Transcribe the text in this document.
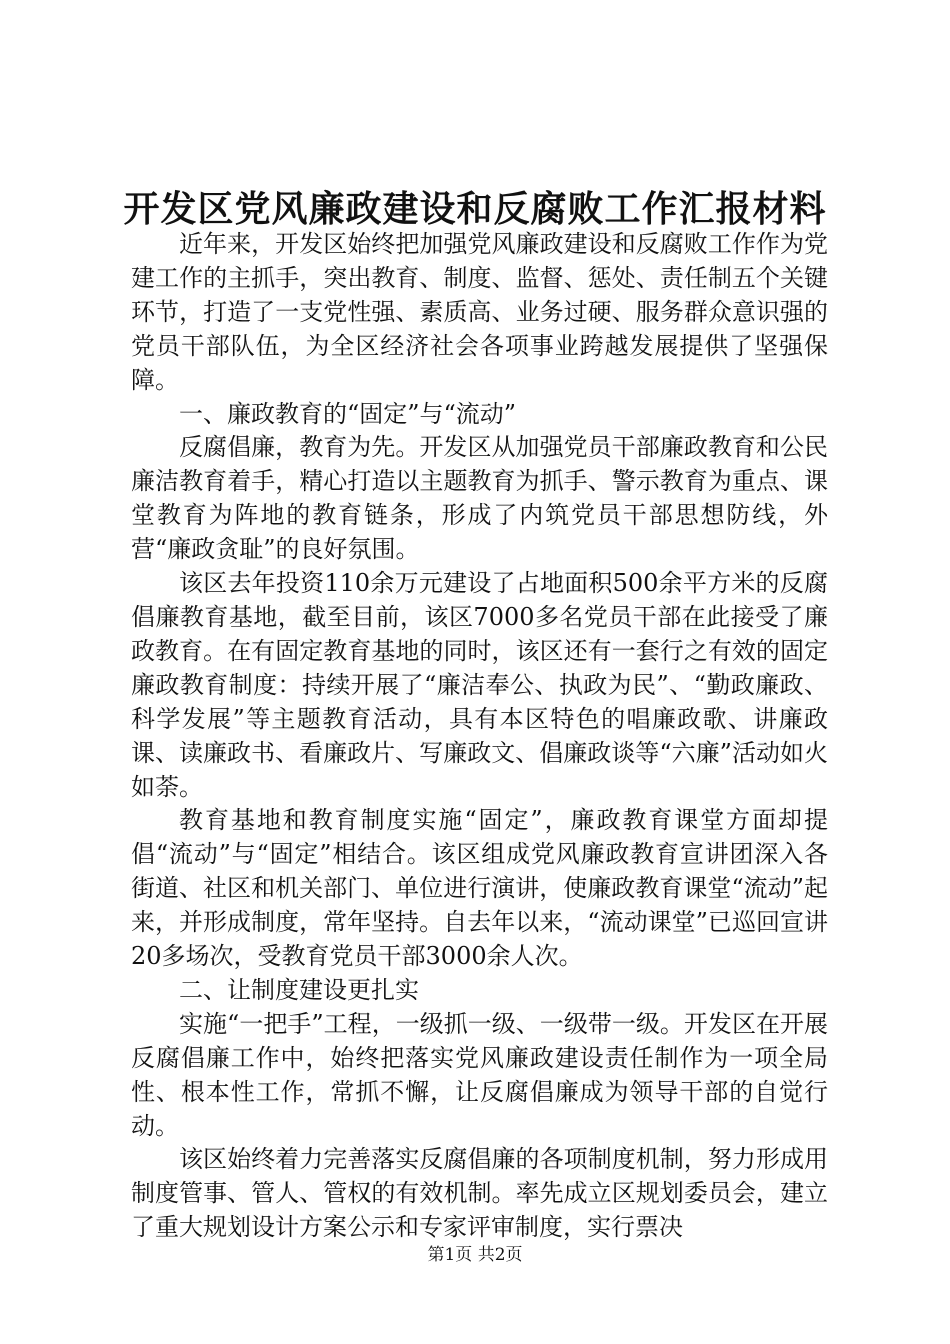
开发区党风廉政建设和反腐败工作汇报材料

近年来，开发区始终把加强党风廉政建设和反腐败工作作为党建工作的主抓手，突出教育、制度、监督、惩处、责任制五个关键环节，打造了一支党性强、素质高、业务过硬、服务群众意识强的党员干部队伍，为全区经济社会各项事业跨越发展提供了坚强保障。

一、廉政教育的“固定”与“流动”

反腐倡廉，教育为先。开发区从加强党员干部廉政教育和公民廉洁教育着手，精心打造以主题教育为抓手、警示教育为重点、课堂教育为阵地的教育链条，形成了内筑党员干部思想防线，外营“廉政贪耻”的良好氛围。

该区去年投资110余万元建设了占地面积500余平方米的反腐倡廉教育基地，截至目前，该区7000多名党员干部在此接受了廉政教育。在有固定教育基地的同时，该区还有一套行之有效的固定廉政教育制度：持续开展了“廉洁奉公、执政为民”、“勤政廉政、科学发展”等主题教育活动，具有本区特色的唱廉政歌、讲廉政课、读廉政书、看廉政片、写廉政文、倡廉政谈等“六廉”活动如火如荼。

教育基地和教育制度实施“固定”，廉政教育课堂方面却提倡“流动”与“固定”相结合。该区组成党风廉政教育宣讲团深入各街道、社区和机关部门、单位进行演讲，使廉政教育课堂“流动”起来，并形成制度，常年坚持。自去年以来，“流动课堂”已巡回宣讲20多场次，受教育党员干部3000余人次。

二、让制度建设更扎实

实施“一把手”工程，一级抓一级、一级带一级。开发区在开展反腐倡廉工作中，始终把落实党风廉政建设责任制作为一项全局性、根本性工作，常抓不懈，让反腐倡廉成为领导干部的自觉行动。

该区始终着力完善落实反腐倡廉的各项制度机制，努力形成用制度管事、管人、管权的有效机制。率先成立区规划委员会，建立了重大规划设计方案公示和专家评审制度，实行票决

第1页 共2页
